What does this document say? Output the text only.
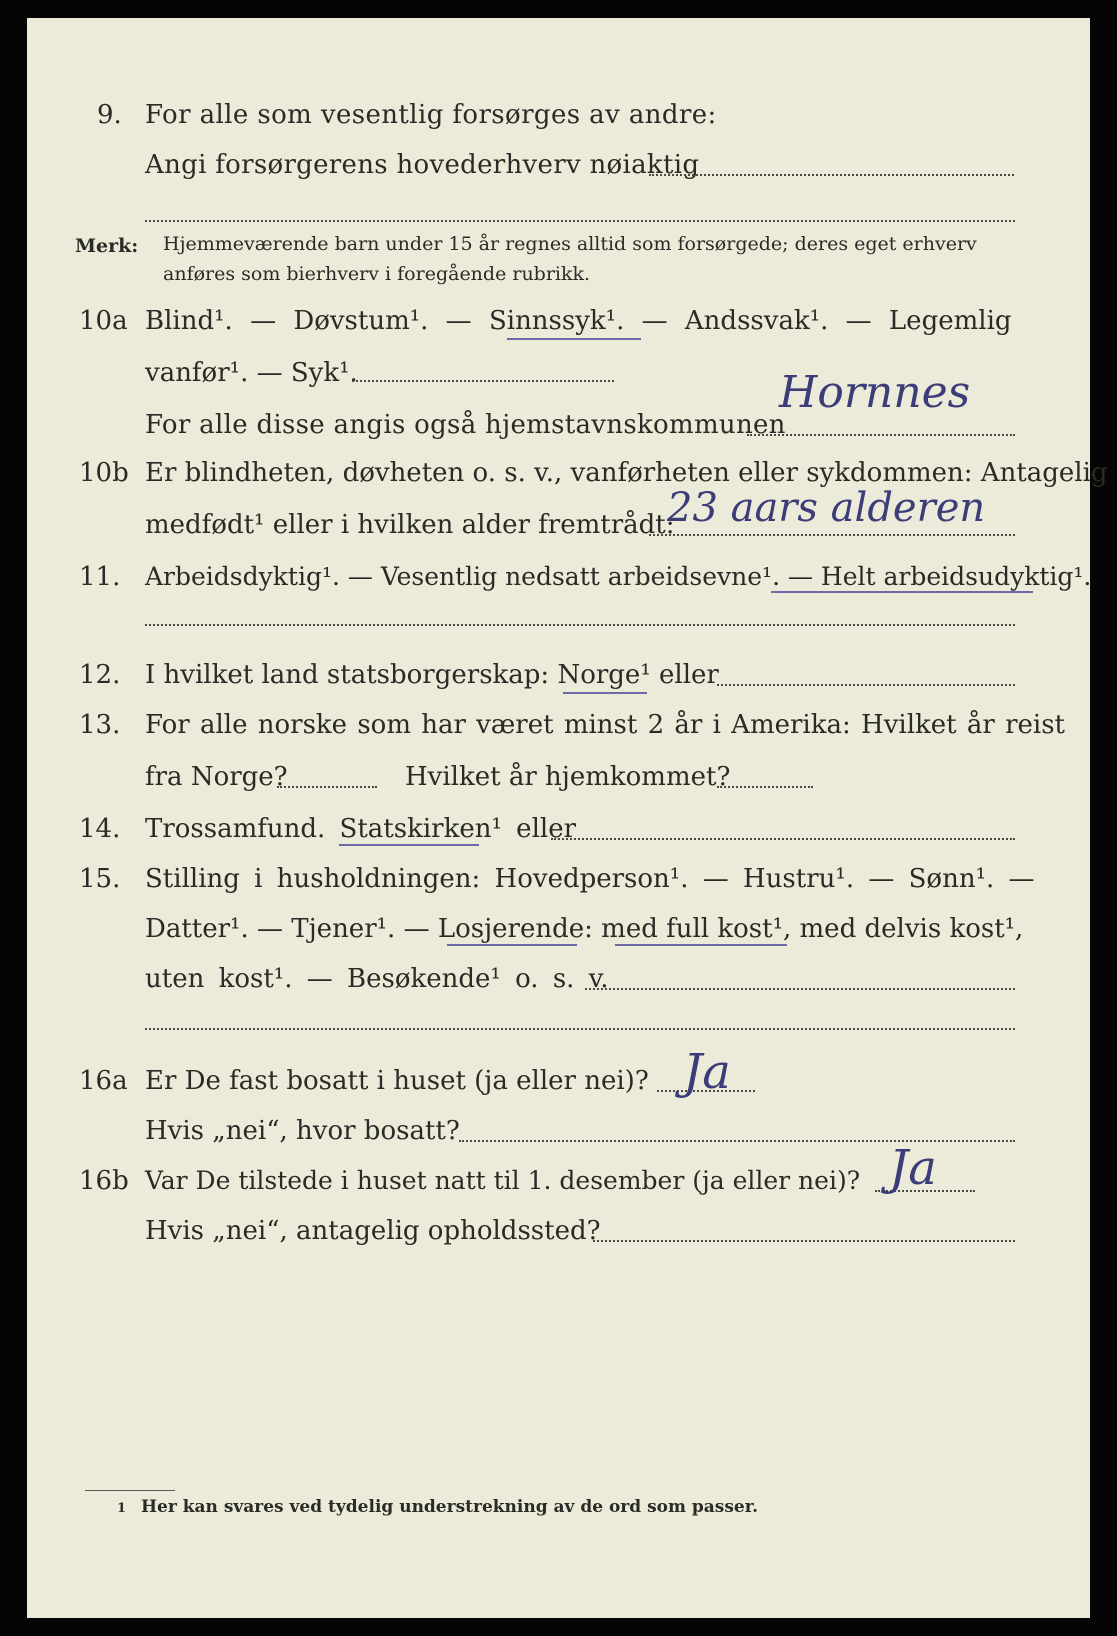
9. For alle som vesentlig forsørges av andre:
Angi forsørgerens hovederhverv nøiaktig
Merk: Hjemmeværende barn under 15 år regnes alltid som forsørgede; deres eget erhverv
anføres som bierhverv i foregående rubrikk.
10a Blind¹. — Døvstum¹. — Sinnssyk¹. — Andssvak¹. — Legemlig
vanfør¹. — Syk¹.
For alle disse angis også hjemstavnskommunen
Hornnes
10b Er blindheten, døvheten o. s. v., vanførheten eller sykdommen: Antagelig
medfødt¹ eller i hvilken alder fremtrådt:
23 aars alderen
11. Arbeidsdyktig¹. — Vesentlig nedsatt arbeidsevne¹. — Helt arbeidsudyktig¹.
12. I hvilket land statsborgerskap: Norge¹ eller
13. For alle norske som har været minst 2 år i Amerika: Hvilket år reist
fra Norge?	Hvilket år hjemkommet?
14. Trossamfund. Statskirken¹ eller
15. Stilling i husholdningen: Hovedperson¹. — Hustru¹. — Sønn¹. —
Datter¹. — Tjener¹. — Losjerende: med full kost¹, med delvis kost¹,
uten kost¹. — Besøkende¹ o. s. v.
16a Er De fast bosatt i huset (ja eller nei)? Ja
Hvis „nei“, hvor bosatt?
16b Var De tilstede i huset natt til 1. desember (ja eller nei)? Ja
Hvis „nei“, antagelig opholdssted?
1 Her kan svares ved tydelig understrekning av de ord som passer.
